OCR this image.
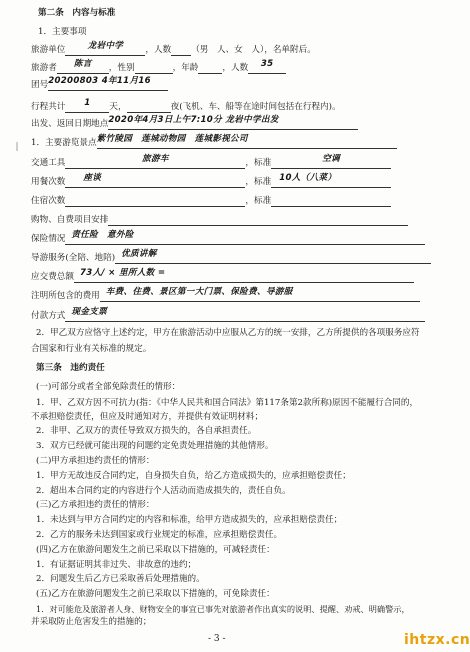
第二条　内容与标准
1．主要事项
旅游单位	龙岩中学	，人数 （男　人、女　人），名单附后。
旅游者 陈言 ，性别	，年龄	，人数 35
团号20200803 4年11月16
行程共计 1 天，	夜(飞机、车、船等在途时间包括在行程内)。
出发、返回日期地点2020年4月3日上午7:10分 龙岩中学出发
ᛁ 1．主要游览景点紫竹陵园　莲城动物园　莲城影视公司
交通工具	旅游车	，标准	空调
用餐次数 座谈	，标准 10人（八菜）
住宿次数	，标准
购物、自费项目安排
保险情况 责任险　意外险
导游服务(全陪、地陪) 优质讲解
应交费总额 73人/ × 里所人数 =
注明所包含的费用 车费、住费、景区第一大门票、保险费、导游服
付款方式 现金支票
2．甲乙双方应恪守上述约定，甲方在旅游活动中应服从乙方的统一安排，乙方所提供的各项服务应符
合国家和行业有关标准的规定。
第三条　违约责任
(一)可部分或者全部免除责任的情形：
1．甲、乙双方因不可抗力(指：《中华人民共和国合同法》第117条第2款所称)原因不能履行合同的，
不承担赔偿责任，但应及时通知对方，并提供有效证明材料；
2．非甲、乙双方的责任导致双方损失的，各自承担责任。
3．双方已经就可能出现的问题约定免责处理措施的其他情形。
(二)甲方承担违约责任的情形：
1．甲方无故违反合同约定，自身损失自负，给乙方造成损失的，应承担赔偿责任；
2．超出本合同约定的内容进行个人活动而造成损失的，责任自负。
(三)乙方承担违约责任的情形：
1．未达到与甲方合同约定的内容和标准，给甲方造成损失的，应承担赔偿责任；
2．乙方的服务未达到国家或行业规定的标准，应承担赔偿责任。
(四)乙方在旅游问题发生之前已采取以下措施的，可减轻责任：
1．有证据证明其非过失、非故意的违约；
2．问题发生后乙方已采取善后处理措施的。
(五)乙方在旅游问题发生之前已采取以下措施的，可免除责任：
1．对可能危及旅游者人身、财物安全的事宜已事先对旅游者作出真实的说明、提醒、劝戒、明确警示，
- 3 -	ihtzx.cn
并采取防止危害发生的措施的；
